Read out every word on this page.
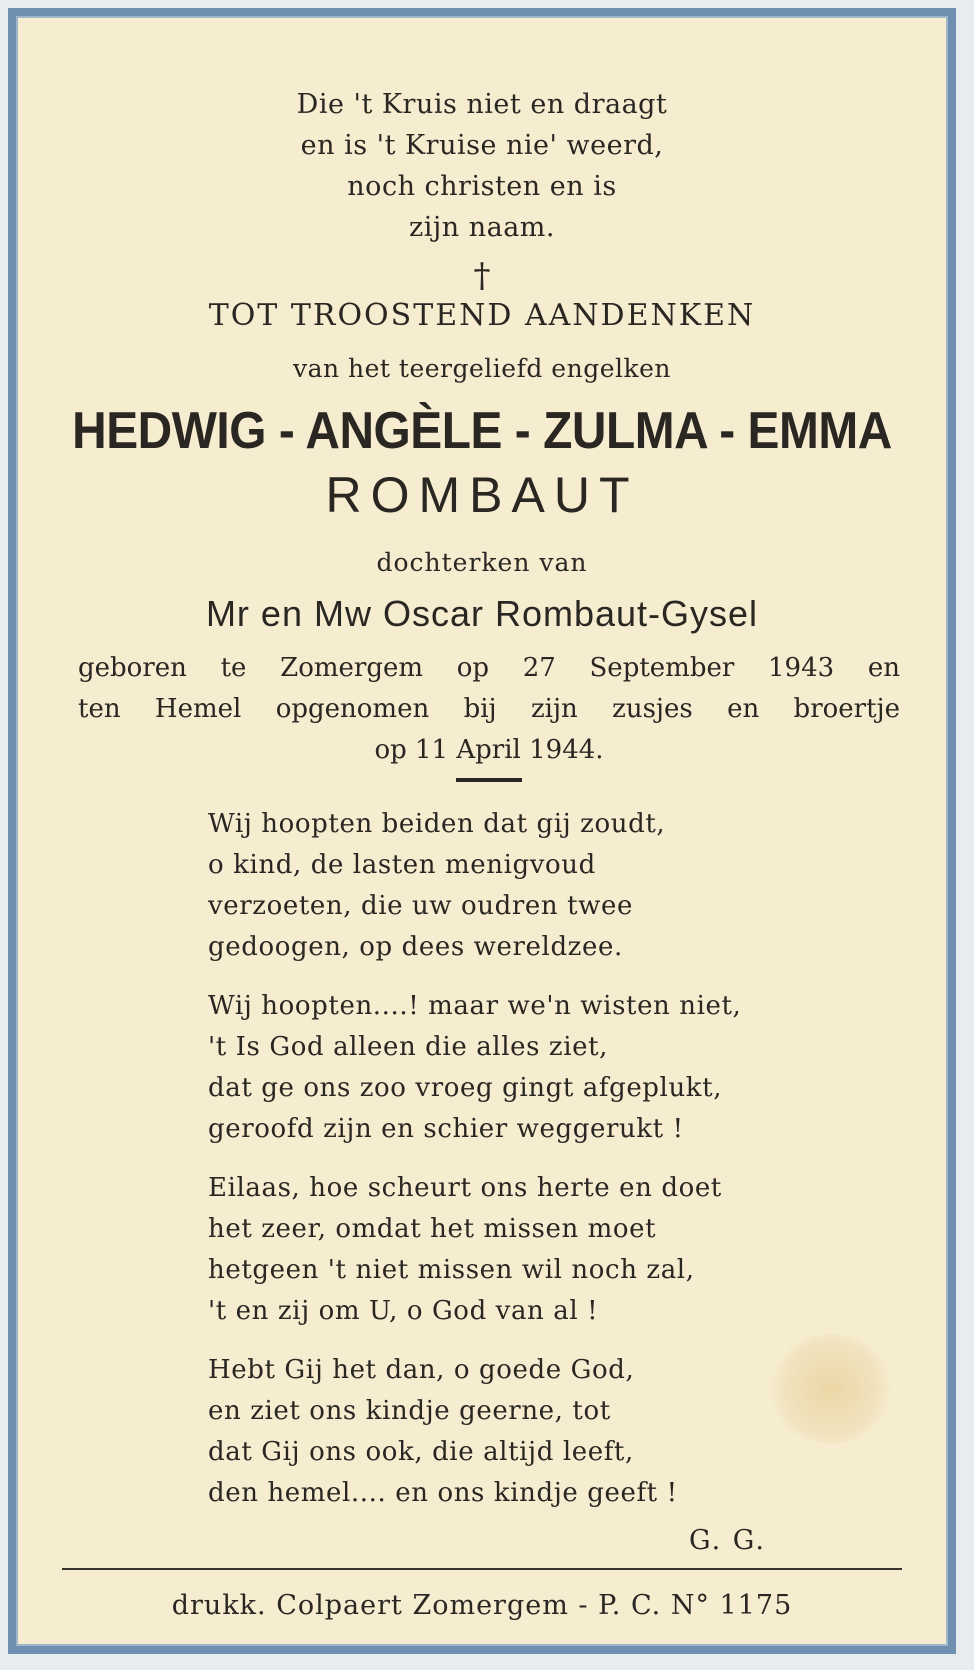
Die 't Kruis niet en draagt
en is 't Kruise nie' weerd,
noch christen en is
zijn naam.
†
TOT TROOSTEND AANDENKEN
van het teergeliefd engelken
HEDWIG - ANGÈLE - ZULMA - EMMA
ROMBAUT
dochterken van
Mr en Mw Oscar Rombaut-Gysel
geboren te Zomergem op 27 September 1943 en
ten Hemel opgenomen bij zijn zusjes en broertje
op 11 April 1944.
Wij hoopten beiden dat gij zoudt,
o kind, de lasten menigvoud
verzoeten, die uw oudren twee
gedoogen, op dees wereldzee.
Wij hoopten....! maar we'n wisten niet,
't Is God alleen die alles ziet,
dat ge ons zoo vroeg gingt afgeplukt,
geroofd zijn en schier weggerukt !
Eilaas, hoe scheurt ons herte en doet
het zeer, omdat het missen moet
hetgeen 't niet missen wil noch zal,
't en zij om U, o God van al !
Hebt Gij het dan, o goede God,
en ziet ons kindje geerne, tot
dat Gij ons ook, die altijd leeft,
den hemel.... en ons kindje geeft !
G. G.
drukk. Colpaert Zomergem - P. C. N° 1175
